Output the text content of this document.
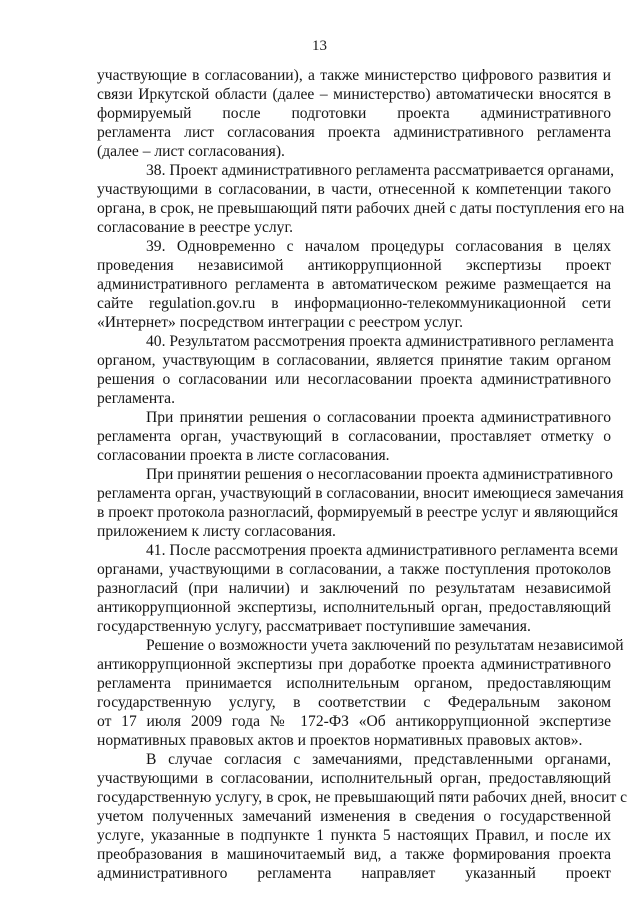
13
участвующие в согласовании), а также министерство цифрового развития и
связи Иркутской области (далее – министерство) автоматически вносятся в
формируемый после подготовки проекта административного
регламента лист согласования проекта административного регламента
(далее – лист согласования).
38. Проект административного регламента рассматривается органами,
участвующими в согласовании, в части, отнесенной к компетенции такого
органа, в срок, не превышающий пяти рабочих дней с даты поступления его на
согласование в реестре услуг.
39. Одновременно с началом процедуры согласования в целях
проведения независимой антикоррупционной экспертизы проект
административного регламента в автоматическом режиме размещается на
сайте regulation.gov.ru в информационно-телекоммуникационной сети
«Интернет» посредством интеграции с реестром услуг.
40. Результатом рассмотрения проекта административного регламента
органом, участвующим в согласовании, является принятие таким органом
решения о согласовании или несогласовании проекта административного
регламента.
При принятии решения о согласовании проекта административного
регламента орган, участвующий в согласовании, проставляет отметку о
согласовании проекта в листе согласования.
При принятии решения о несогласовании проекта административного
регламента орган, участвующий в согласовании, вносит имеющиеся замечания
в проект протокола разногласий, формируемый в реестре услуг и являющийся
приложением к листу согласования.
41. После рассмотрения проекта административного регламента всеми
органами, участвующими в согласовании, а также поступления протоколов
разногласий (при наличии) и заключений по результатам независимой
антикоррупционной экспертизы, исполнительный орган, предоставляющий
государственную услугу, рассматривает поступившие замечания.
Решение о возможности учета заключений по результатам независимой
антикоррупционной экспертизы при доработке проекта административного
регламента принимается исполнительным органом, предоставляющим
государственную услугу, в соответствии с Федеральным законом
от 17 июля 2009 года № 172-ФЗ «Об антикоррупционной экспертизе
нормативных правовых актов и проектов нормативных правовых актов».
В случае согласия с замечаниями, представленными органами,
участвующими в согласовании, исполнительный орган, предоставляющий
государственную услугу, в срок, не превышающий пяти рабочих дней, вносит с
учетом полученных замечаний изменения в сведения о государственной
услуге, указанные в подпункте 1 пункта 5 настоящих Правил, и после их
преобразования в машиночитаемый вид, а также формирования проекта
административного регламента направляет указанный проект
